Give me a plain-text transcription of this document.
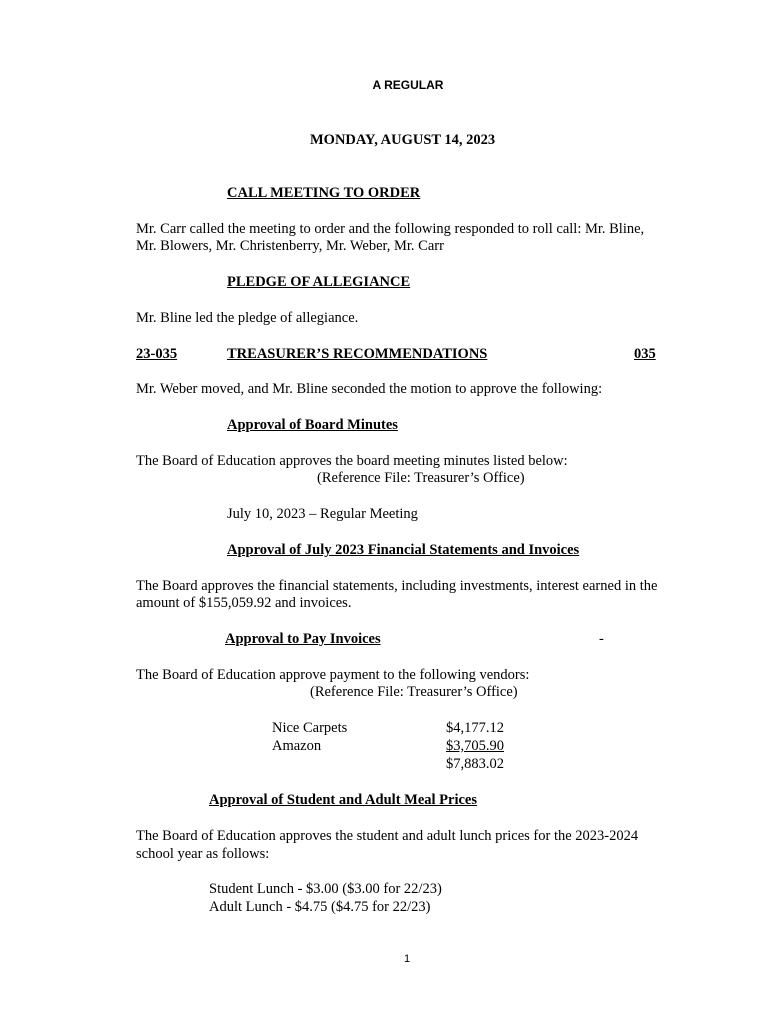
A REGULAR
MONDAY, AUGUST 14, 2023
CALL MEETING TO ORDER
Mr. Carr called the meeting to order and the following responded to roll call: Mr. Bline,
Mr. Blowers, Mr. Christenberry, Mr. Weber, Mr. Carr
PLEDGE OF ALLEGIANCE
Mr. Bline led the pledge of allegiance.
23-035	TREASURER’S RECOMMENDATIONS	035
Mr. Weber moved, and Mr. Bline seconded the motion to approve the following:
Approval of Board Minutes
The Board of Education approves the board meeting minutes listed below:
(Reference File: Treasurer’s Office)
July 10, 2023 – Regular Meeting
Approval of July 2023 Financial Statements and Invoices
The Board approves the financial statements, including investments, interest earned in the
amount of $155,059.92 and invoices.
Approval to Pay Invoices	-
The Board of Education approve payment to the following vendors:
(Reference File: Treasurer’s Office)
Nice Carpets	$4,177.12
Amazon	$3,705.90
$7,883.02
Approval of Student and Adult Meal Prices
The Board of Education approves the student and adult lunch prices for the 2023-2024
school year as follows:
Student Lunch - $3.00 ($3.00 for 22/23)
Adult Lunch - $4.75 ($4.75 for 22/23)
1
